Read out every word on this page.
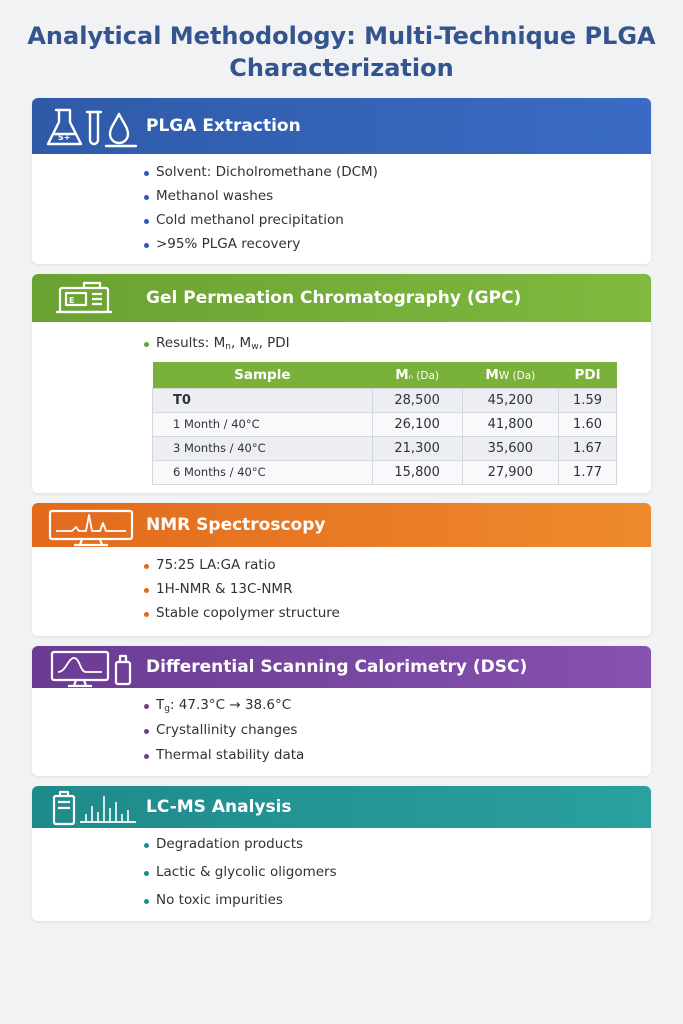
Analytical Methodology: Multi-Technique PLGA
Characterization
S+
PLGA Extraction
Solvent: Dicholromethane (DCM)
Methanol washes
Cold methanol precipitation
>95% PLGA recovery
E	Gel Permeation Chromatography (GPC)
Results: $M_n$, $M_w$, PDI
Sample	Mₙ (Da)	MW (Da)	PDI
T0	28,500	45,200	1.59
1 Month / 40°C	26,100	41,800	1.60
3 Months / 40°C	21,300	35,600	1.67
6 Months / 40°C	15,800	27,900	1.77
NMR Spectroscopy
75:25 LA:GA ratio
1H-NMR & 13C-NMR
Stable copolymer structure
Differential Scanning Calorimetry (DSC)
$T_g$: 47.3°C → 38.6°C
Crystallinity changes
Thermal stability data
LC-MS Analysis
Degradation products
Lactic & glycolic oligomers
No toxic impurities
